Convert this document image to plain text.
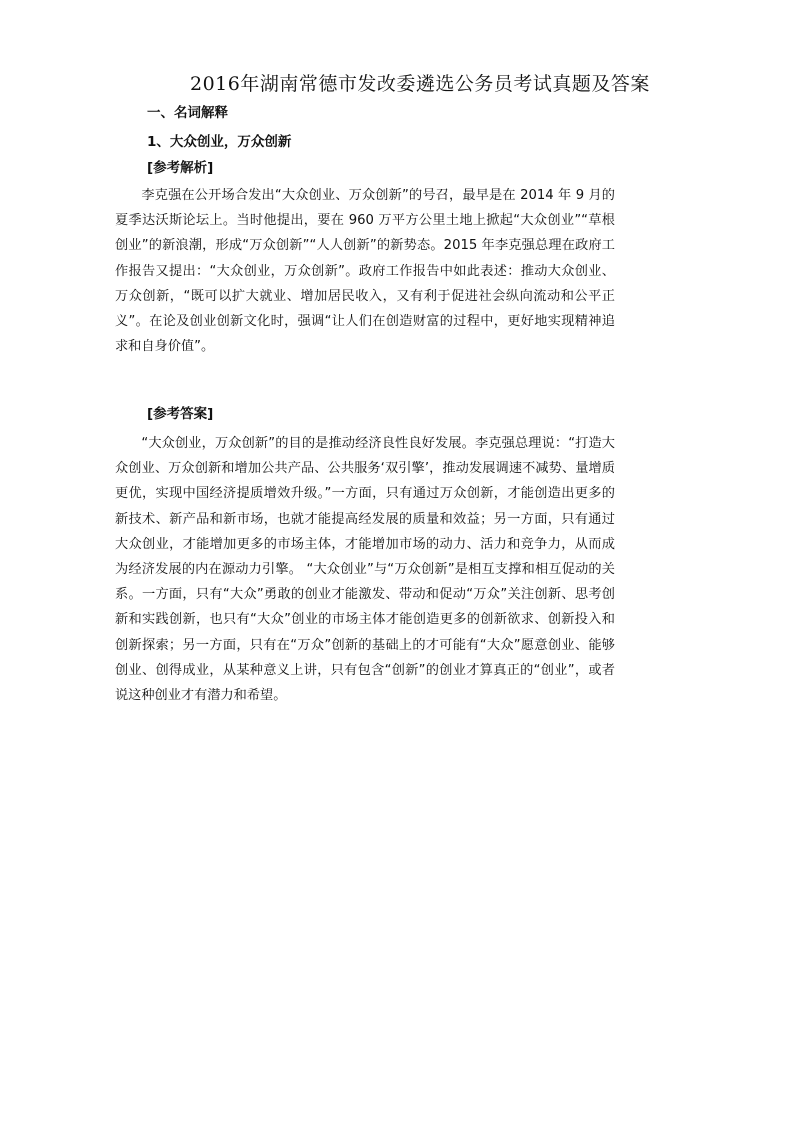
2016年湖南常德市发改委遴选公务员考试真题及答案
一、名词解释
1、大众创业，万众创新
[参考解析]

李克强在公开场合发出“大众创业、万众创新”的号召，最早是在 2014 年 9 月的夏季达沃斯论坛上。当时他提出，要在 960 万平方公里土地上掀起“大众创业”“草根创业”的新浪潮，形成“万众创新”“人人创新”的新势态。2015 年李克强总理在政府工作报告又提出：“大众创业，万众创新”。政府工作报告中如此表述：推动大众创业、万众创新，“既可以扩大就业、增加居民收入，又有利于促进社会纵向流动和公平正义”。在论及创业创新文化时，强调“让人们在创造财富的过程中，更好地实现精神追求和自身价值”。

[参考答案]

“大众创业，万众创新”的目的是推动经济良性良好发展。李克强总理说：“打造大众创业、万众创新和增加公共产品、公共服务‘双引擎’，推动发展调速不减势、量增质更优，实现中国经济提质增效升级。”一方面，只有通过万众创新，才能创造出更多的新技术、新产品和新市场，也就才能提高经发展的质量和效益；另一方面，只有通过大众创业，才能增加更多的市场主体，才能增加市场的动力、活力和竞争力，从而成为经济发展的内在源动力引擎。 “大众创业”与“万众创新”是相互支撑和相互促动的关系。一方面，只有“大众”勇敢的创业才能激发、带动和促动“万众”关注创新、思考创新和实践创新，也只有“大众”创业的市场主体才能创造更多的创新欲求、创新投入和创新探索；另一方面，只有在“万众”创新的基础上的才可能有“大众”愿意创业、能够创业、创得成业，从某种意义上讲，只有包含“创新”的创业才算真正的“创业”，或者说这种创业才有潜力和希望。
